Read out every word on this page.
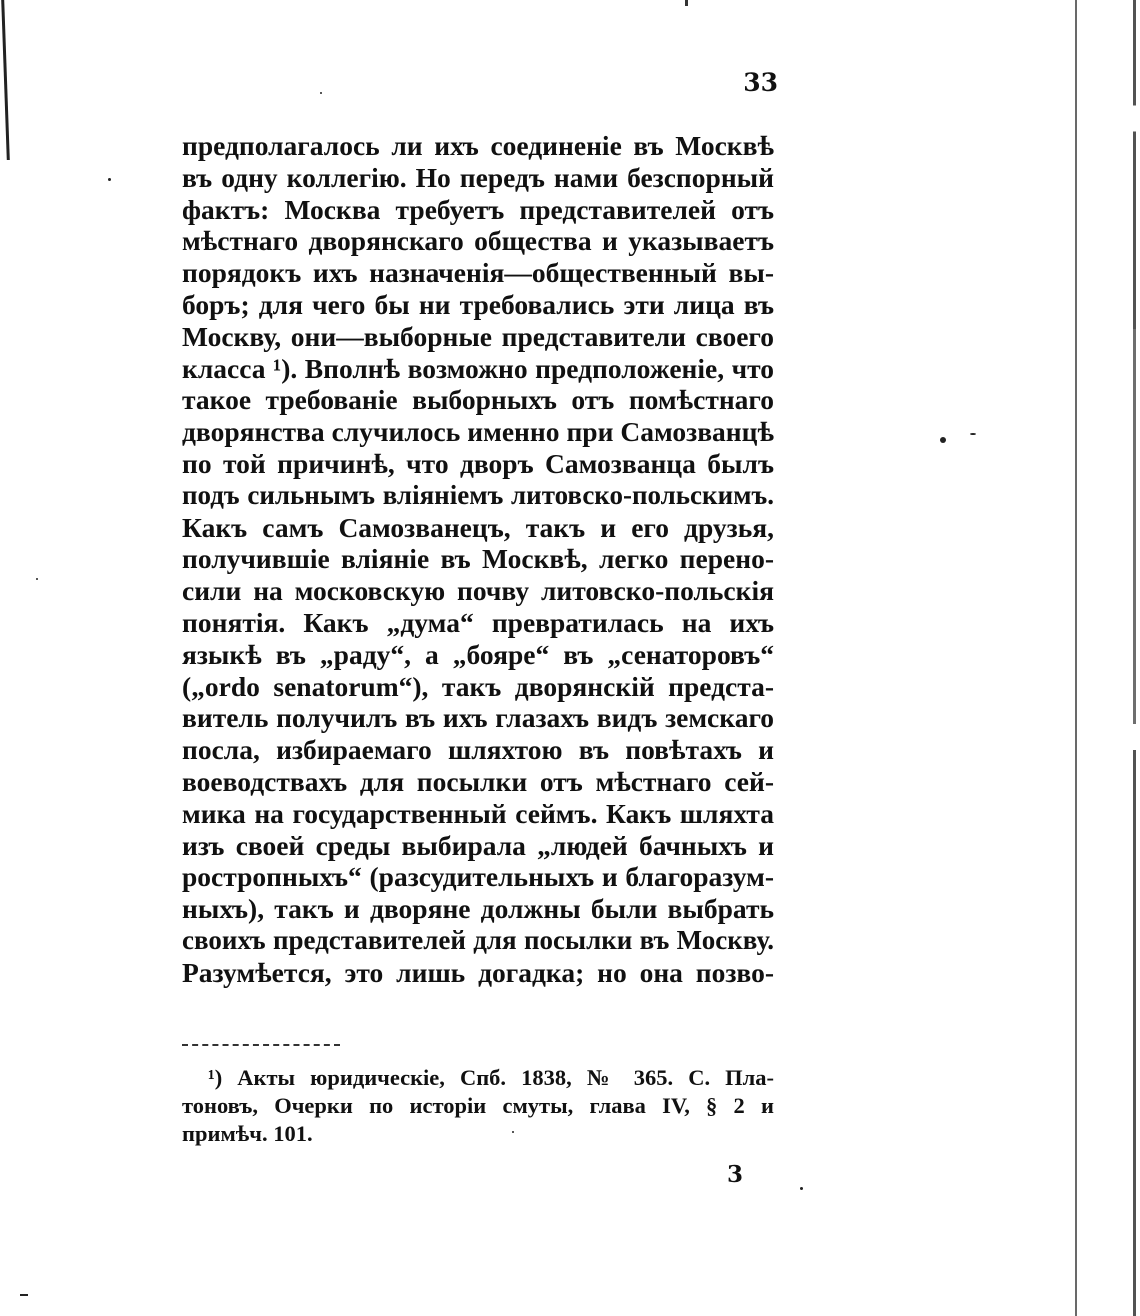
33
предполагалось ли ихъ соединеніе въ Москвѣ
въ одну коллегію. Но передъ нами безспорный
фактъ: Москва требуетъ представителей отъ
мѣстнаго дворянскаго общества и указываетъ
порядокъ ихъ назначенія—общественный вы-
боръ; для чего бы ни требовались эти лица въ
Москву, они—выборные представители своего
класса ¹). Вполнѣ возможно предположеніе, что
такое требованіе выборныхъ отъ помѣстнаго
дворянства случилось именно при Самозванцѣ
по той причинѣ, что дворъ Самозванца былъ
подъ сильнымъ вліяніемъ литовско-польскимъ.
Какъ самъ Самозванецъ, такъ и его друзья,
получившіе вліяніе въ Москвѣ, легко перено-
сили на московскую почву литовско-польскія
понятія. Какъ „дума“ превратилась на ихъ
языкѣ въ „раду“, а „бояре“ въ „сенаторовъ“
(„ordo senatorum“), такъ дворянскій предста-
витель получилъ въ ихъ глазахъ видъ земскаго
посла, избираемаго шляхтою въ повѣтахъ и
воеводствахъ для посылки отъ мѣстнаго сей-
мика на государственный сеймъ. Какъ шляхта
изъ своей среды выбирала „людей бачныхъ и
ростропныхъ“ (разсудительныхъ и благоразум-
ныхъ), такъ и дворяне должны были выбрать
своихъ представителей для посылки въ Москву.
Разумѣется, это лишь догадка; но она позво-
¹) Акты юридическіе, Спб. 1838, № 365. С. Пла-
тоновъ, Очерки по исторіи смуты, глава IV, § 2 и
примѣч. 101.
3
